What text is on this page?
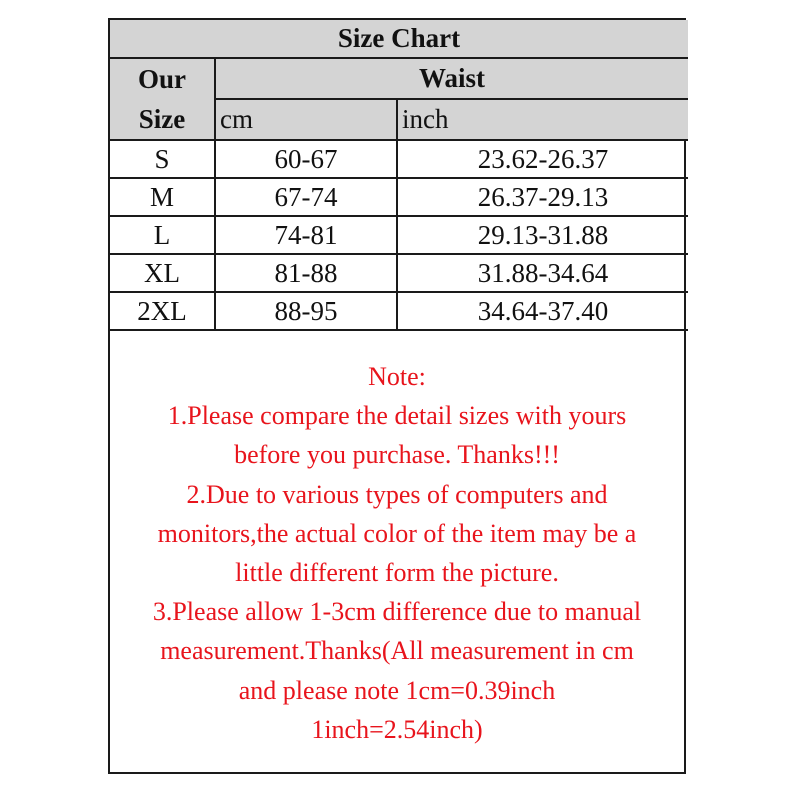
Size Chart		
Our
Size	Waist	
	cm	inch
S	60-67	23.62-26.37
M	67-74	26.37-29.13
L	74-81	29.13-31.88
XL	81-88	31.88-34.64
2XL	88-95	34.64-37.40
Note:
1.Please compare the detail sizes with yours
before you purchase. Thanks!!!
2.Due to various types of computers and
monitors,the actual color of the item may be a
little different form the picture.
3.Please allow 1-3cm difference due to manual
measurement.Thanks(All measurement in cm
and please note 1cm=0.39inch
1inch=2.54inch)
